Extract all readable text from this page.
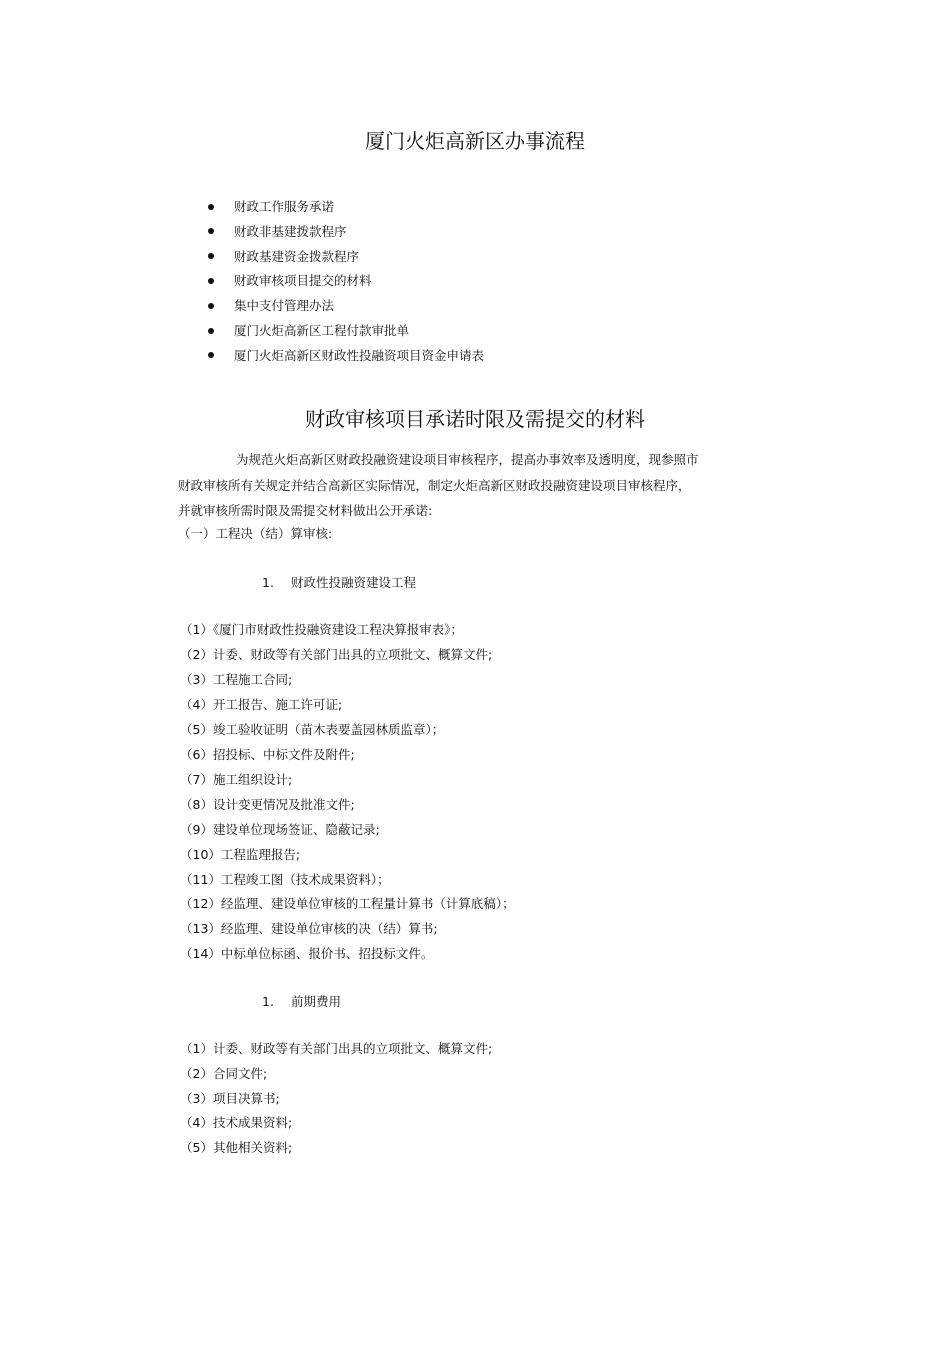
厦门火炬高新区办事流程
财政工作服务承诺
财政非基建拨款程序
财政基建资金拨款程序
财政审核项目提交的材料
集中支付管理办法
厦门火炬高新区工程付款审批单
厦门火炬高新区财政性投融资项目资金申请表
财政审核项目承诺时限及需提交的材料
为规范火炬高新区财政投融资建设项目审核程序，提高办事效率及透明度，现参照市
财政审核所有关规定并结合高新区实际情况，制定火炬高新区财政投融资建设项目审核程序，
并就审核所需时限及需提交材料做出公开承诺:
（一）工程决（结）算审核:
1. 财政性投融资建设工程
（1）《厦门市财政性投融资建设工程决算报审表》；
（2）计委、财政等有关部门出具的立项批文、概算文件;
（3）工程施工合同;
（4）开工报告、施工许可证;
（5）竣工验收证明（苗木表要盖园林质监章）；
（6）招投标、中标文件及附件;
（7）施工组织设计;
（8）设计变更情况及批准文件;
（9）建设单位现场签证、隐蔽记录;
（10）工程监理报告;
（11）工程竣工图（技术成果资料）；
（12）经监理、建设单位审核的工程量计算书（计算底稿）；
（13）经监理、建设单位审核的决（结）算书;
（14）中标单位标函、报价书、招投标文件。
1. 前期费用
（1）计委、财政等有关部门出具的立项批文、概算文件;
（2）合同文件;
（3）项目决算书;
（4）技术成果资料;
（5）其他相关资料;
